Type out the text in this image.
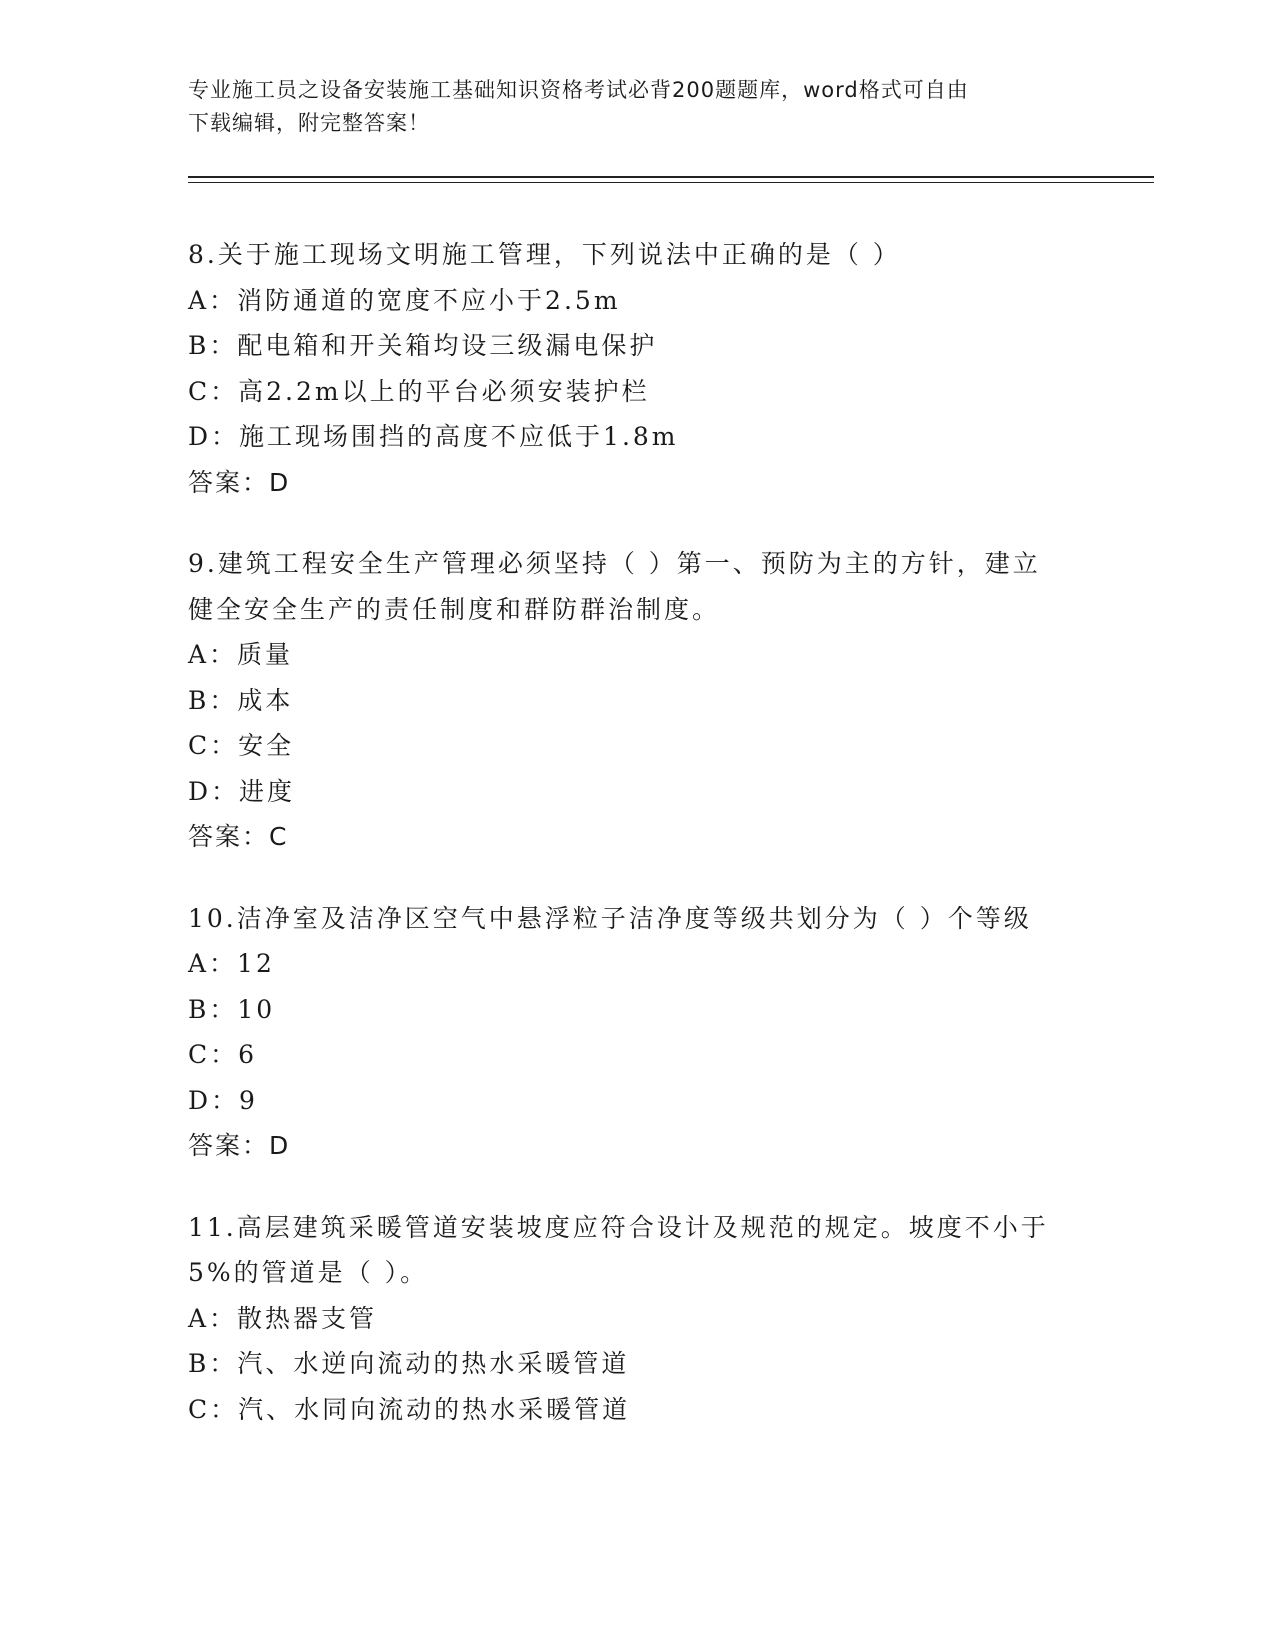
专业施工员之设备安装施工基础知识资格考试必背200题题库，word格式可自由
下载编辑，附完整答案！
8.关于施工现场文明施工管理，下列说法中正确的是（ ）
A：消防通道的宽度不应小于2.5m
B：配电箱和开关箱均设三级漏电保护
C：高2.2m以上的平台必须安装护栏
D：施工现场围挡的高度不应低于1.8m
答案：D
9.建筑工程安全生产管理必须坚持（ ）第一、预防为主的方针，建立
健全安全生产的责任制度和群防群治制度。
A：质量
B：成本
C：安全
D：进度
答案：C
10.洁净室及洁净区空气中悬浮粒子洁净度等级共划分为（ ）个等级
A：12
B：10
C：6
D：9
答案：D
11.高层建筑采暖管道安装坡度应符合设计及规范的规定。坡度不小于
5%的管道是（ ）。
A：散热器支管
B：汽、水逆向流动的热水采暖管道
C：汽、水同向流动的热水采暖管道
